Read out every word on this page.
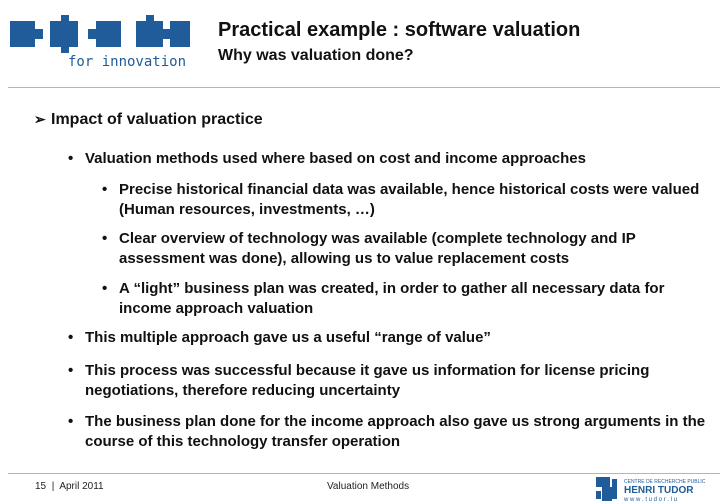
for innovation
Practical example : software valuation
Why was valuation done?
➢ Impact of valuation practice
• Valuation methods used where based on cost and income approaches
• Precise historical financial data was available, hence historical costs were valued (Human resources, investments, …)
• Clear overview of technology was available (complete technology and IP assessment was done), allowing us to value replacement costs
• A “light” business plan was created, in order to gather all necessary data for income approach valuation
• This multiple approach gave us a useful “range of value”
• This process was successful because it gave us information for license pricing negotiations, therefore reducing uncertainty
• The business plan done for the income approach also gave us strong arguments in the course of this technology transfer operation
15 | April 2011	Valuation Methods	CENTRE DE RECHERCHE PUBLIC
HENRI TUDOR
w w w . t u d o r . l u
